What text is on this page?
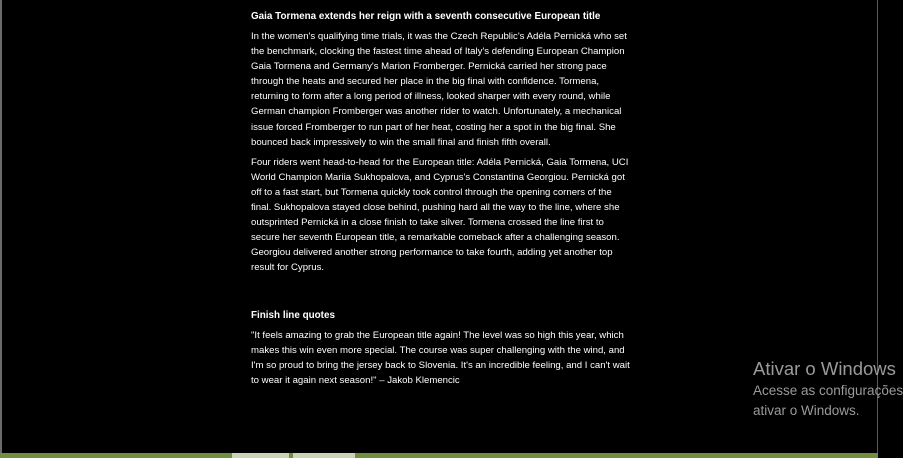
Gaia Tormena extends her reign with a seventh consecutive European title

In the women's qualifying time trials, it was the Czech Republic's Adéla Pernická who set the benchmark, clocking the fastest time ahead of Italy's defending European Champion Gaia Tormena and Germany's Marion Fromberger. Pernická carried her strong pace through the heats and secured her place in the big final with confidence. Tormena, returning to form after a long period of illness, looked sharper with every round, while German champion Fromberger was another rider to watch. Unfortunately, a mechanical issue forced Fromberger to run part of her heat, costing her a spot in the big final. She bounced back impressively to win the small final and finish fifth overall.

Four riders went head-to-head for the European title: Adéla Pernická, Gaia Tormena, UCI World Champion Mariia Sukhopalova, and Cyprus's Constantina Georgiou. Pernická got off to a fast start, but Tormena quickly took control through the opening corners of the final. Sukhopalova stayed close behind, pushing hard all the way to the line, where she outsprinted Pernická in a close finish to take silver. Tormena crossed the line first to secure her seventh European title, a remarkable comeback after a challenging season. Georgiou delivered another strong performance to take fourth, adding yet another top result for Cyprus.

Finish line quotes

"It feels amazing to grab the European title again! The level was so high this year, which makes this win even more special. The course was super challenging with the wind, and I'm so proud to bring the jersey back to Slovenia. It's an incredible feeling, and I can't wait to wear it again next season!" – Jakob Klemencic

Ativar o Windows
Acesse as configurações
ativar o Windows.
